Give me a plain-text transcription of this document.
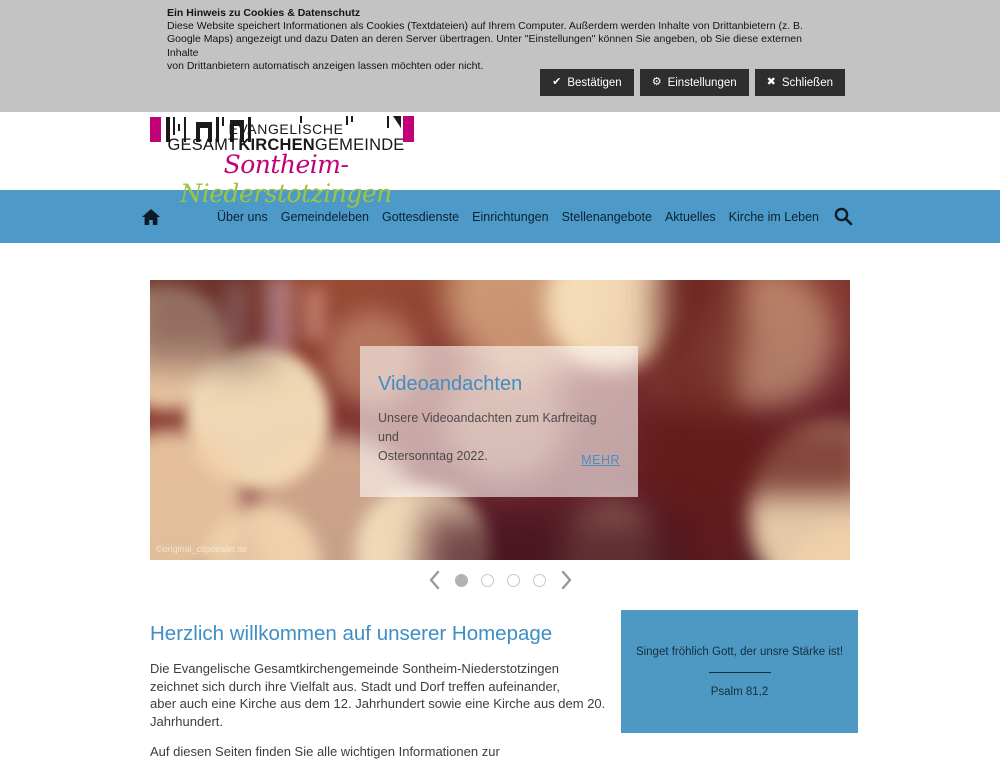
Ein Hinweis zu Cookies & Datenschutz
Diese Website speichert Informationen als Cookies (Textdateien) auf Ihrem Computer. Außerdem werden Inhalte von Drittanbietern (z. B.
Google Maps) angezeigt und dazu Daten an deren Server übertragen. Unter "Einstellungen" können Sie angeben, ob Sie diese externen Inhalte
von Drittanbietern automatisch anzeigen lassen möchten oder nicht.
✔ Bestätigen	⚙ Einstellungen	✖ Schließen
EVANGELISCHE
GESAMTKIRCHENGEMEINDE
Sontheim-Niederstotzingen
Über uns Gemeindeleben Gottesdienste Einrichtungen Stellenangebote Aktuelles Kirche im Leben
Videoandachten
Unsere Videoandachten zum Karfreitag und
Ostersonntag 2022.	MEHR
©original_clipdealer.de
Herzlich willkommen auf unserer Homepage
Die Evangelische Gesamtkirchengemeinde Sontheim-Niederstotzingen
zeichnet sich durch ihre Vielfalt aus. Stadt und Dorf treffen aufeinander,
aber auch eine Kirche aus dem 12. Jahrhundert sowie eine Kirche aus dem 20.
Jahrhundert.
Auf diesen Seiten finden Sie alle wichtigen Informationen zur
Singet fröhlich Gott, der unsre Stärke ist!
Psalm 81,2
